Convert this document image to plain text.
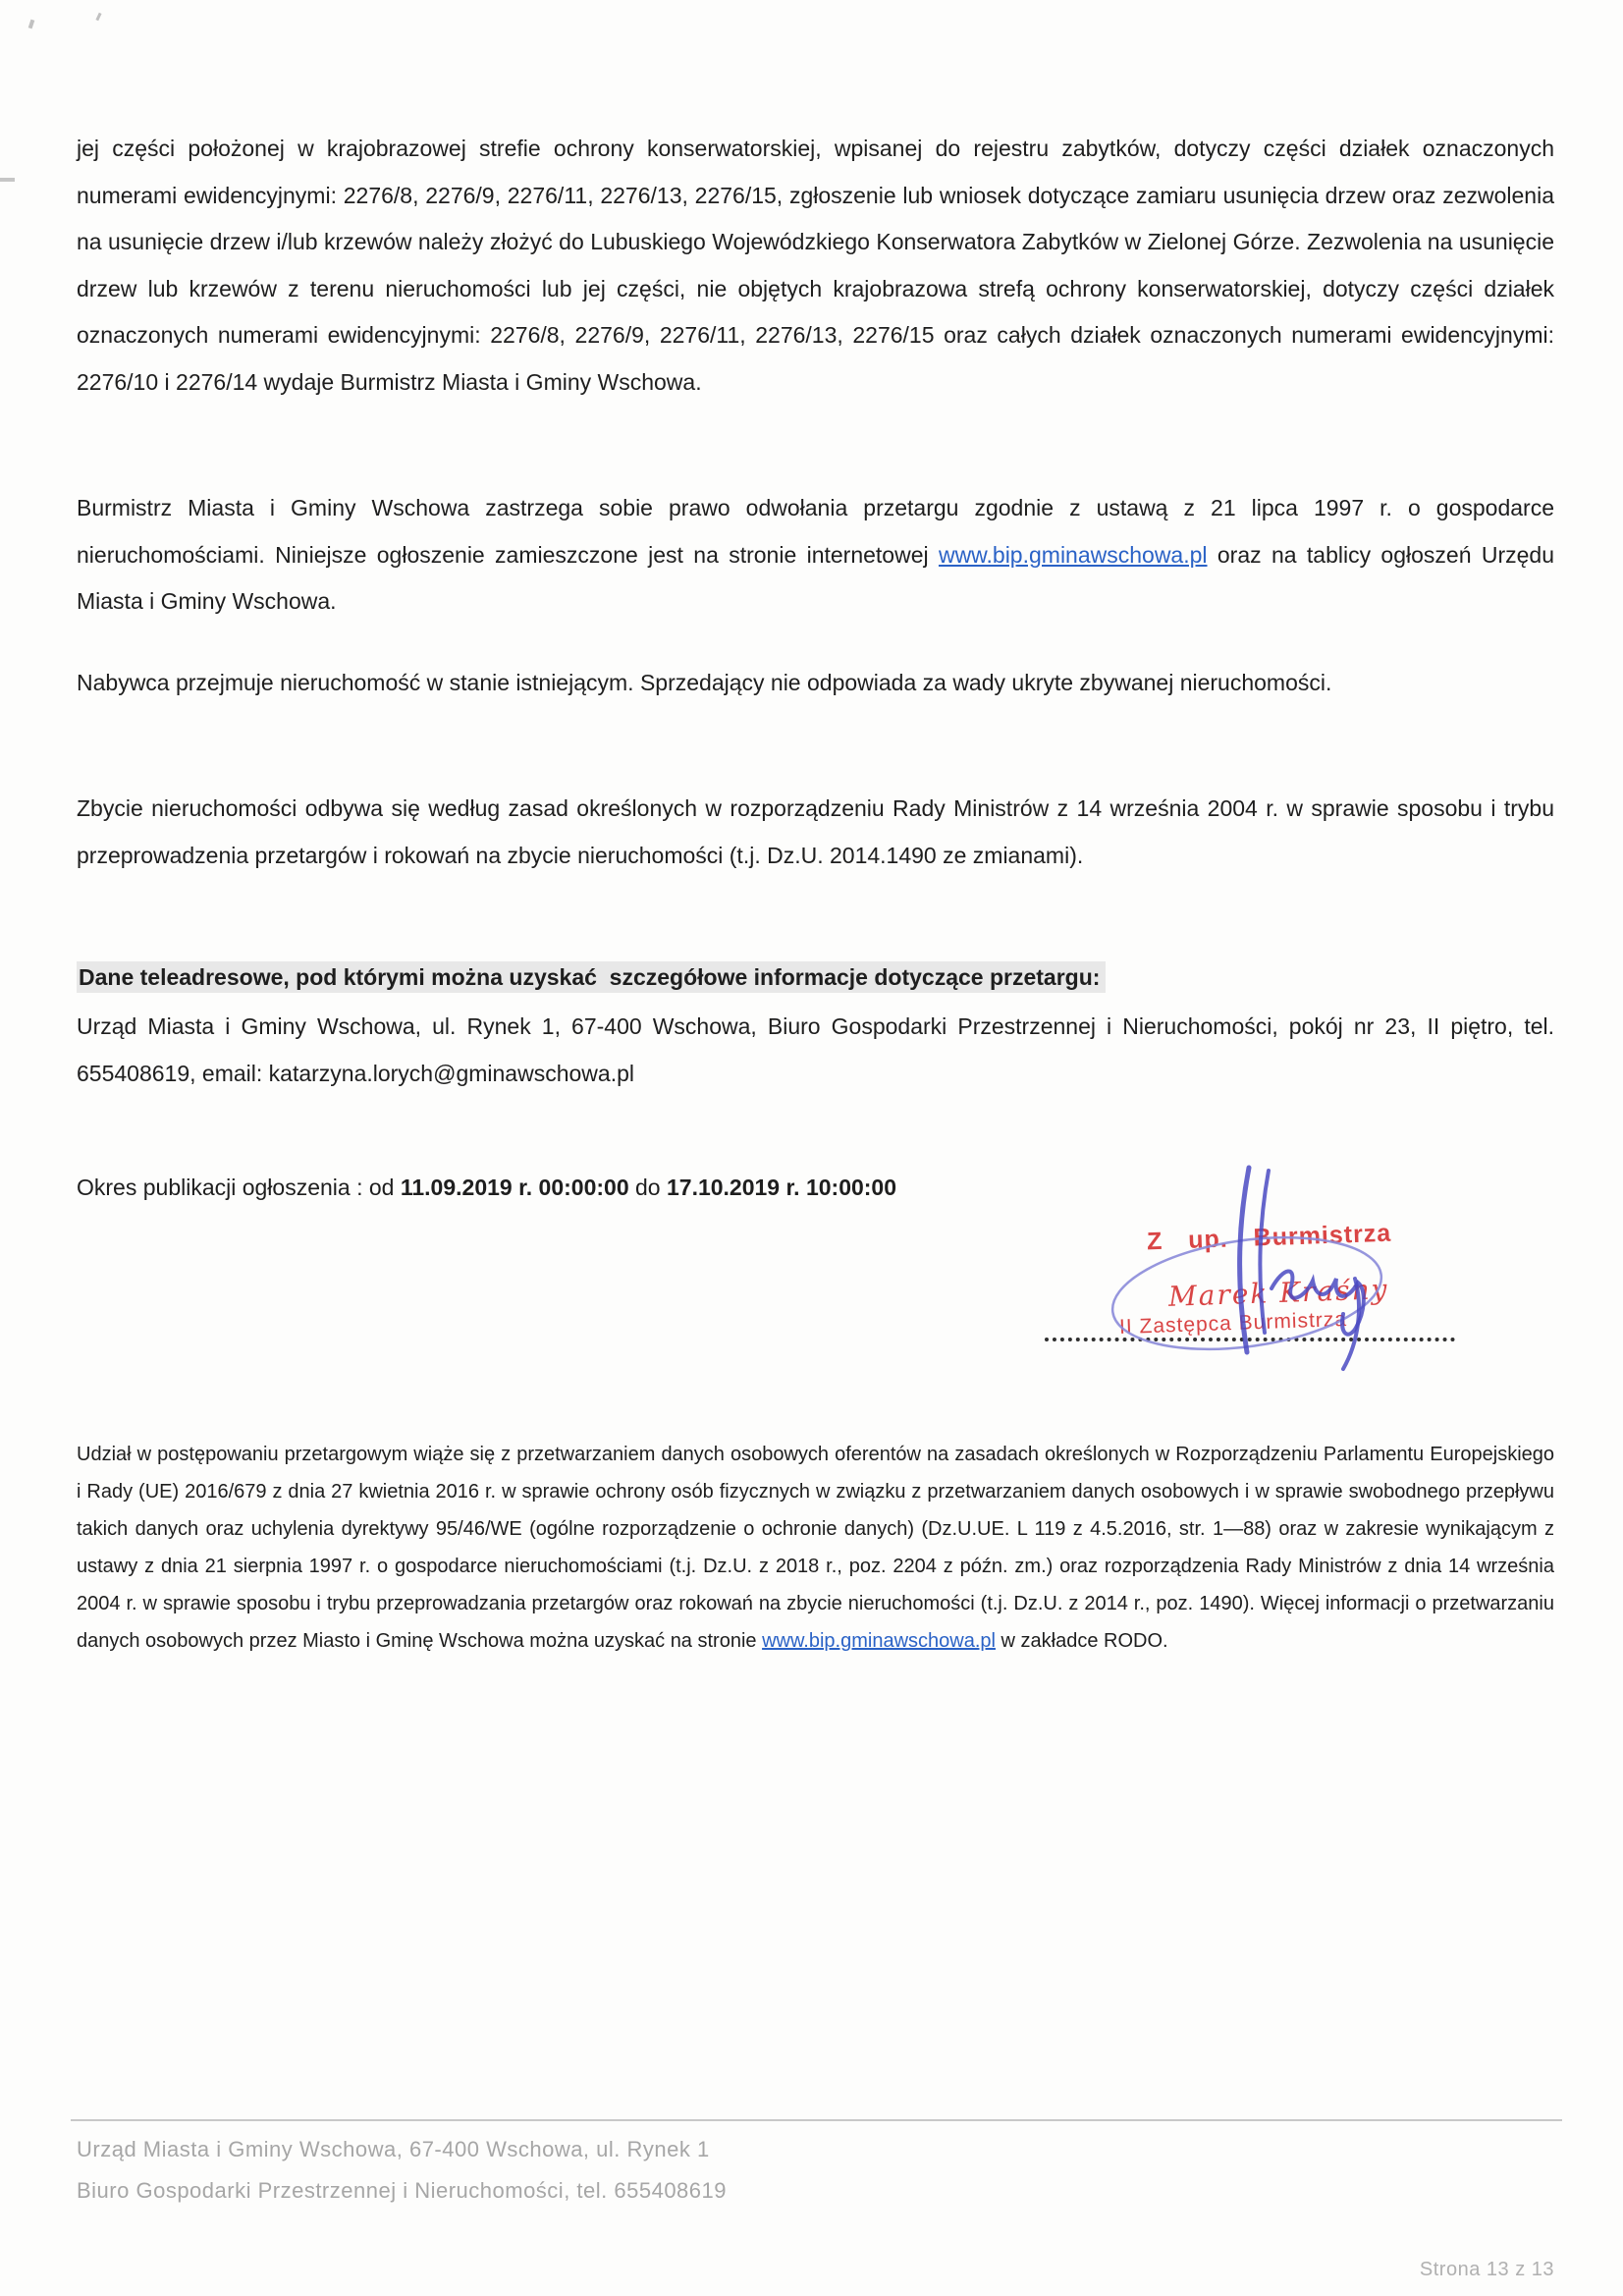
jej części położonej w krajobrazowej strefie ochrony konserwatorskiej, wpisanej do rejestru zabytków, dotyczy części działek oznaczonych numerami ewidencyjnymi: 2276/8, 2276/9, 2276/11, 2276/13, 2276/15, zgłoszenie lub wniosek dotyczące zamiaru usunięcia drzew oraz zezwolenia na usunięcie drzew i/lub krzewów należy złożyć do Lubuskiego Wojewódzkiego Konserwatora Zabytków w Zielonej Górze. Zezwolenia na usunięcie drzew lub krzewów z terenu nieruchomości lub jej części, nie objętych krajobrazowa strefą ochrony konserwatorskiej, dotyczy części działek oznaczonych numerami ewidencyjnymi: 2276/8, 2276/9, 2276/11, 2276/13, 2276/15 oraz całych działek oznaczonych numerami ewidencyjnymi: 2276/10 i 2276/14 wydaje Burmistrz Miasta i Gminy Wschowa.

Burmistrz Miasta i Gminy Wschowa zastrzega sobie prawo odwołania przetargu zgodnie z ustawą z 21 lipca 1997 r. o gospodarce nieruchomościami. Niniejsze ogłoszenie zamieszczone jest na stronie internetowej www.bip.gminawschowa.pl oraz na tablicy ogłoszeń Urzędu Miasta i Gminy Wschowa.

Nabywca przejmuje nieruchomość w stanie istniejącym. Sprzedający nie odpowiada za wady ukryte zbywanej nieruchomości.

Zbycie nieruchomości odbywa się według zasad określonych w rozporządzeniu Rady Ministrów z 14 września 2004 r. w sprawie sposobu i trybu przeprowadzenia przetargów i rokowań na zbycie nieruchomości (t.j. Dz.U. 2014.1490 ze zmianami).

Dane teleadresowe, pod którymi można uzyskać  szczegółowe informacje dotyczące przetargu:

Urząd Miasta i Gminy Wschowa, ul. Rynek 1, 67-400 Wschowa, Biuro Gospodarki Przestrzennej i Nieruchomości, pokój nr 23, II piętro, tel. 655408619, email: katarzyna.lorych@gminawschowa.pl

Okres publikacji ogłoszenia : od 11.09.2019 r. 00:00:00 do 17.10.2019 r. 10:00:00

Z up. Burmistrza
Marek Kraśny
II Zastępca Burmistrza

Udział w postępowaniu przetargowym wiąże się z przetwarzaniem danych osobowych oferentów na zasadach określonych w Rozporządzeniu Parlamentu Europejskiego i Rady (UE) 2016/679 z dnia 27 kwietnia 2016 r. w sprawie ochrony osób fizycznych w związku z przetwarzaniem danych osobowych i w sprawie swobodnego przepływu takich danych oraz uchylenia dyrektywy 95/46/WE (ogólne rozporządzenie o ochronie danych) (Dz.U.UE. L 119 z 4.5.2016, str. 1—88) oraz w zakresie wynikającym z ustawy z dnia 21 sierpnia 1997 r. o gospodarce nieruchomościami (t.j. Dz.U. z 2018 r., poz. 2204 z późn. zm.) oraz rozporządzenia Rady Ministrów z dnia 14 września 2004 r. w sprawie sposobu i trybu przeprowadzania przetargów oraz rokowań na zbycie nieruchomości (t.j. Dz.U. z 2014 r., poz. 1490). Więcej informacji o przetwarzaniu danych osobowych przez Miasto i Gminę Wschowa można uzyskać na stronie www.bip.gminawschowa.pl w zakładce RODO.

Urząd Miasta i Gminy Wschowa, 67-400 Wschowa, ul. Rynek 1
Biuro Gospodarki Przestrzennej i Nieruchomości, tel. 655408619
Strona 13 z 13
